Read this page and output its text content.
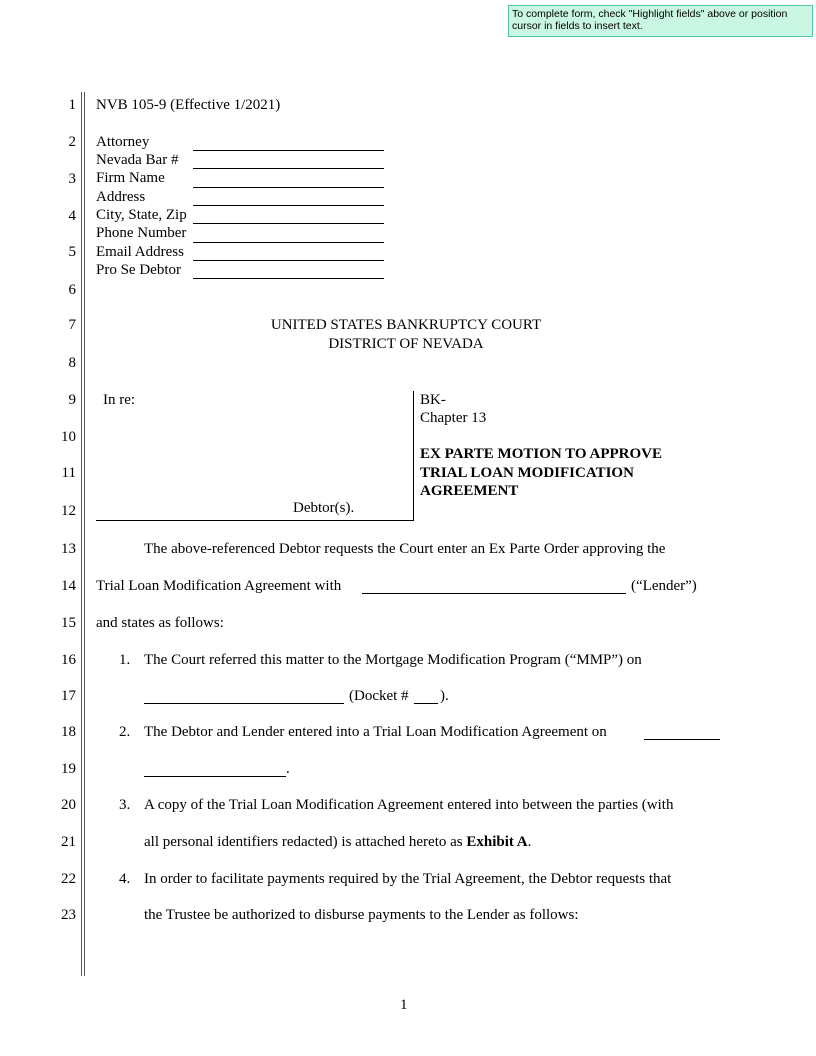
To complete form, check "Highlight fields" above or position cursor in fields to insert text.
1
2
3
4
5
6
7
8
9
10
11
12
13
14
15
16
17
18
19
20
21
22
23
NVB 105-9 (Effective 1/2021)
Attorney
Nevada Bar #
Firm Name
Address
City, State, Zip
Phone Number
Email Address
Pro Se Debtor
UNITED STATES BANKRUPTCY COURT
DISTRICT OF NEVADA
In re:
Debtor(s).
BK-
Chapter 13
EX PARTE MOTION TO APPROVE
TRIAL LOAN MODIFICATION
AGREEMENT
The above-referenced Debtor requests the Court enter an Ex Parte Order approving the
Trial Loan Modification Agreement with	(“Lender”)
and states as follows:
1. The Court referred this matter to the Mortgage Modification Program (“MMP”) on
(Docket # ).
2. The Debtor and Lender entered into a Trial Loan Modification Agreement on
.
3. A copy of the Trial Loan Modification Agreement entered into between the parties (with
all personal identifiers redacted) is attached hereto as Exhibit A.
4. In order to facilitate payments required by the Trial Agreement, the Debtor requests that
the Trustee be authorized to disburse payments to the Lender as follows:
1
